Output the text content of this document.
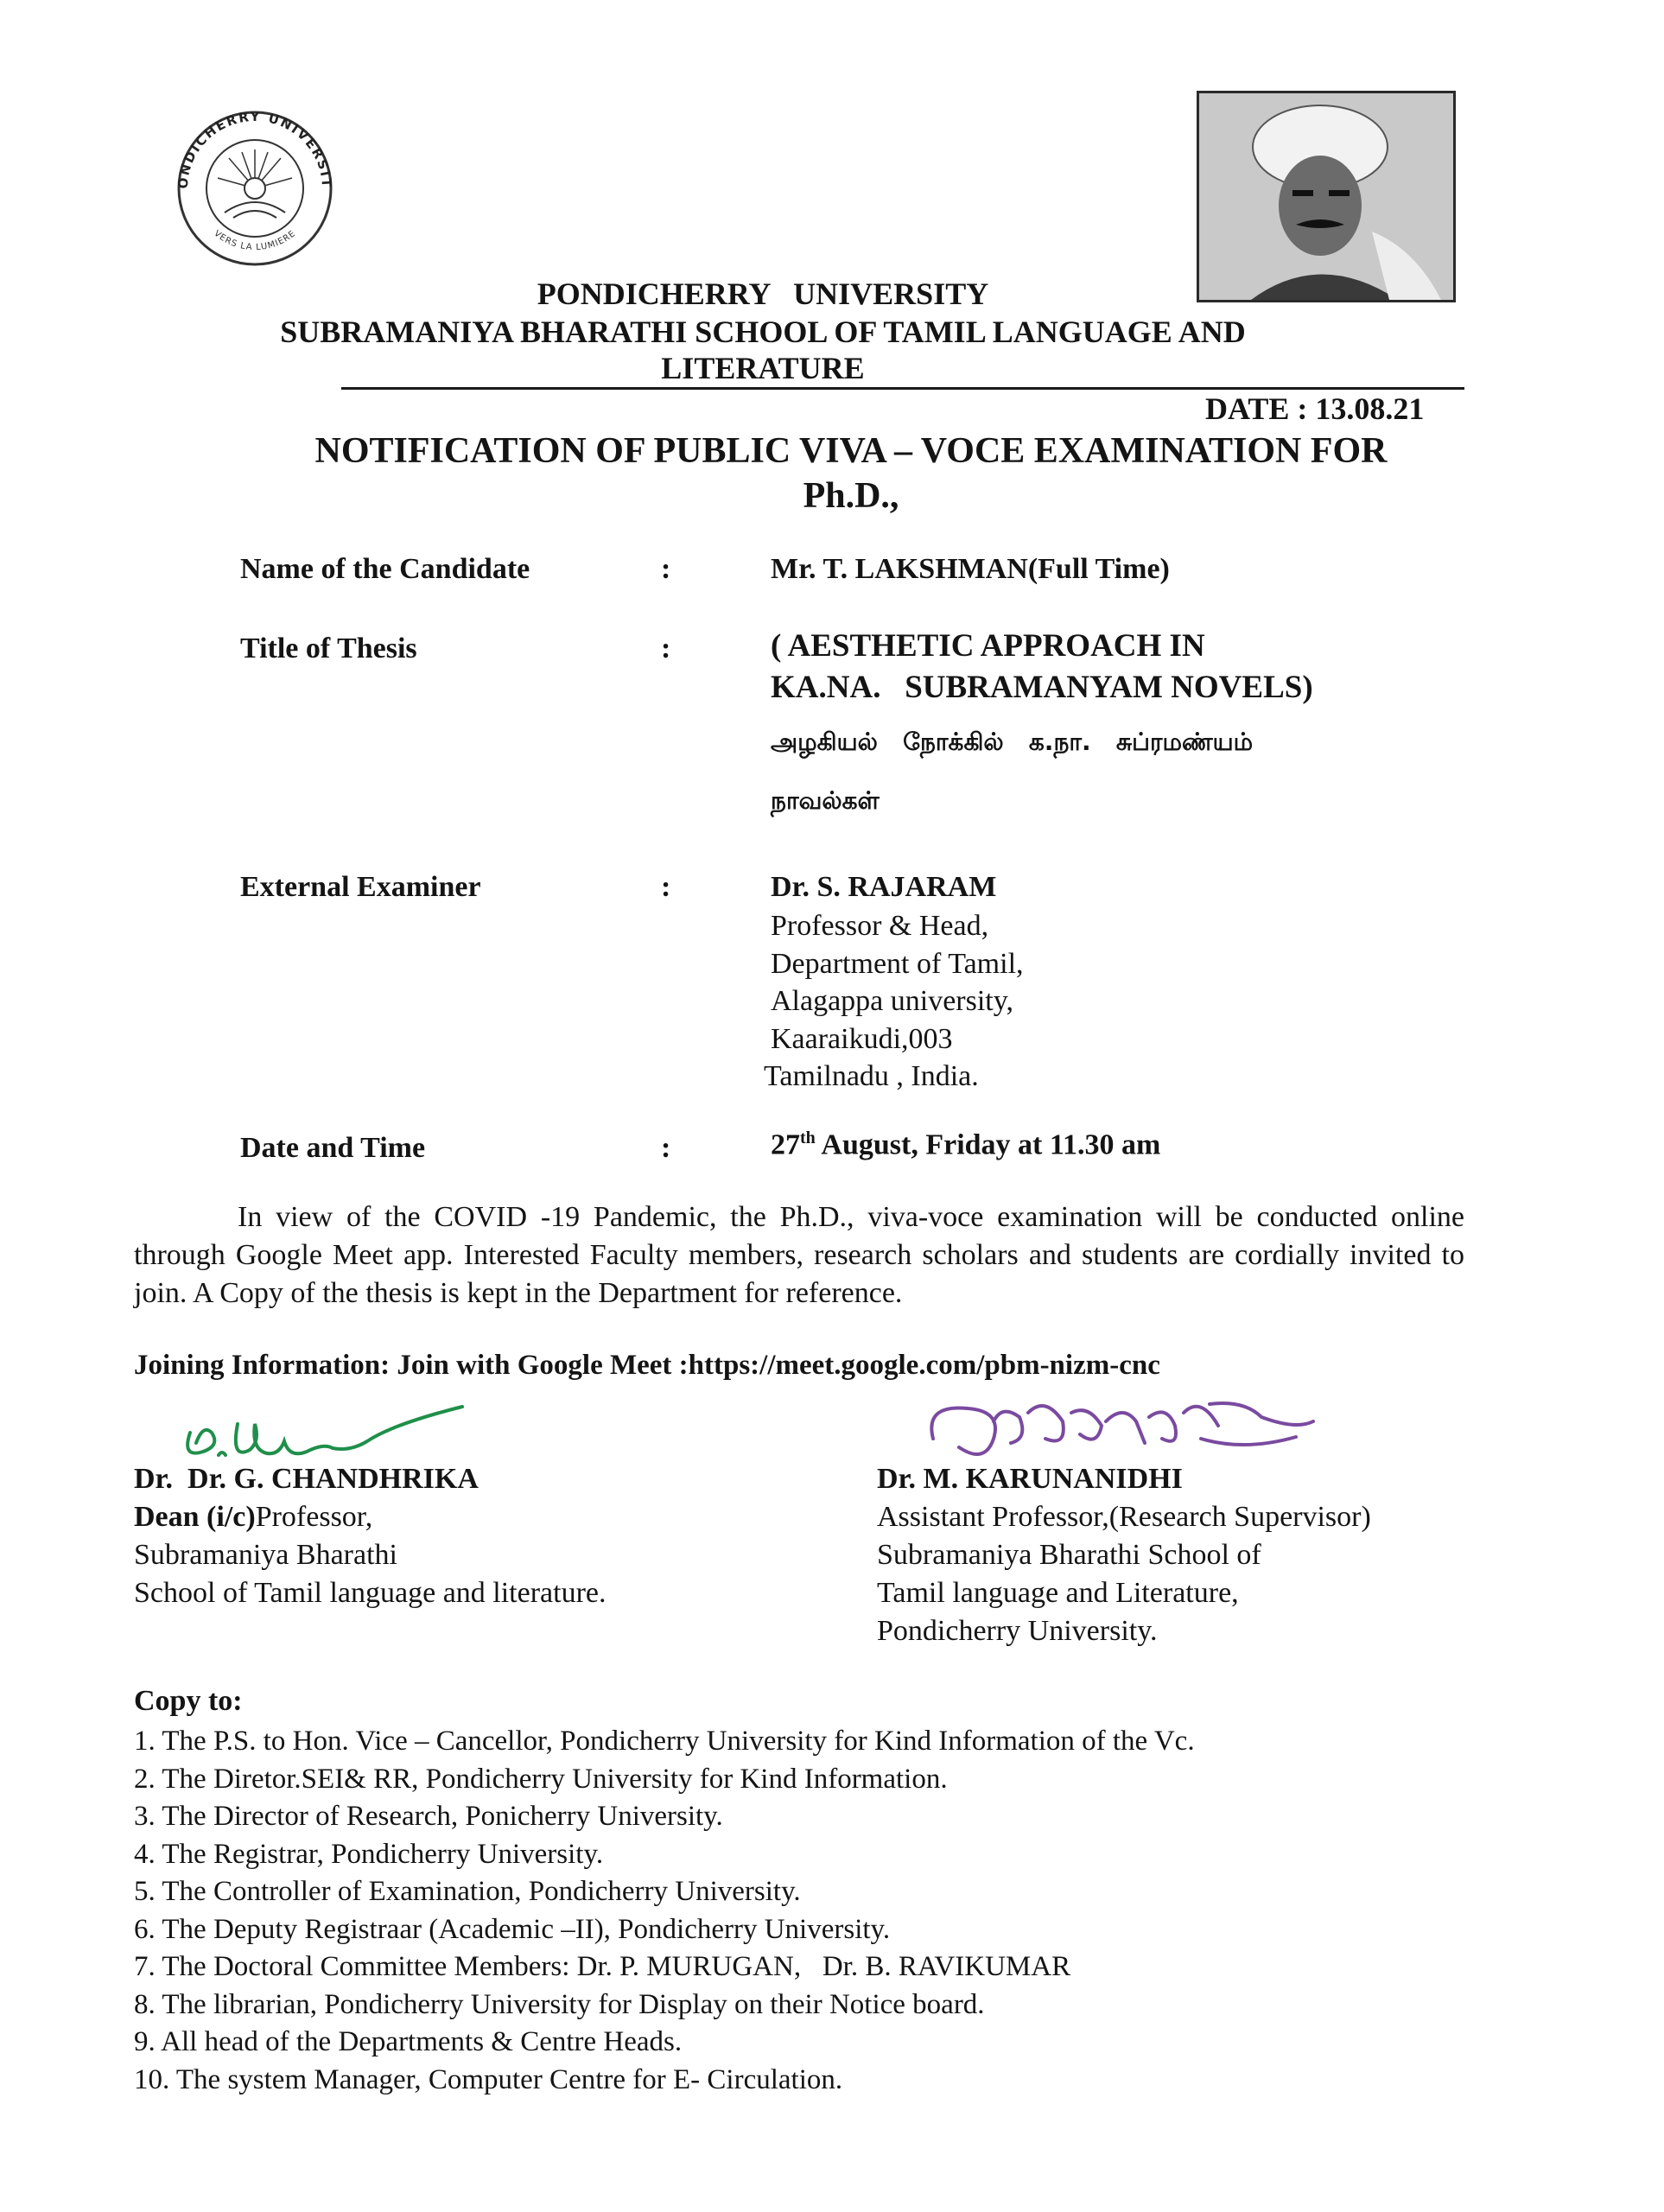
ONDICHERRY UNIVERSIT
VERS LA LUMIERE
PONDICHERRY   UNIVERSITY
SUBRAMANIYA BHARATHI SCHOOL OF TAMIL LANGUAGE AND
LITERATURE
DATE : 13.08.21
NOTIFICATION OF PUBLIC VIVA – VOCE EXAMINATION FOR
Ph.D.,
Name of the Candidate	:	Mr. T. LAKSHMAN(Full Time)
Title of Thesis	:	( AESTHETIC APPROACH IN
KA.NA.   SUBRAMANYAM NOVELS)
அழகியல்   நோக்கில்   க.நா.   சுப்ரமண்யம்
நாவல்கள்
External Examiner	:	Dr. S. RAJARAM
Professor & Head,
Department of Tamil,
Alagappa university,
Kaaraikudi,003
Tamilnadu , India.
Date and Time	:	27th August, Friday at 11.30 am
In view of the COVID -19 Pandemic, the Ph.D., viva-voce examination will be conducted online through Google Meet app. Interested Faculty members, research scholars and students are cordially invited to join. A Copy of the thesis is kept in the Department for reference.
Joining Information: Join with Google Meet :https://meet.google.com/pbm-nizm-cnc
Dr.  Dr. G. CHANDHRIKA
Dean (i/c)Professor,
Subramaniya Bharathi
School of Tamil language and literature.
Dr. M. KARUNANIDHI
Assistant Professor,(Research Supervisor)
Subramaniya Bharathi School of
Tamil language and Literature,
Pondicherry University.
Copy to:
1. The P.S. to Hon. Vice – Cancellor, Pondicherry University for Kind Information of the Vc.
2. The Diretor.SEI& RR, Pondicherry University for Kind Information.
3. The Director of Research, Ponicherry University.
4. The Registrar, Pondicherry University.
5. The Controller of Examination, Pondicherry University.
6. The Deputy Registraar (Academic –II), Pondicherry University.
7. The Doctoral Committee Members: Dr. P. MURUGAN,   Dr. B. RAVIKUMAR
8. The librarian, Pondicherry University for Display on their Notice board.
9. All head of the Departments & Centre Heads.
10. The system Manager, Computer Centre for E- Circulation.
